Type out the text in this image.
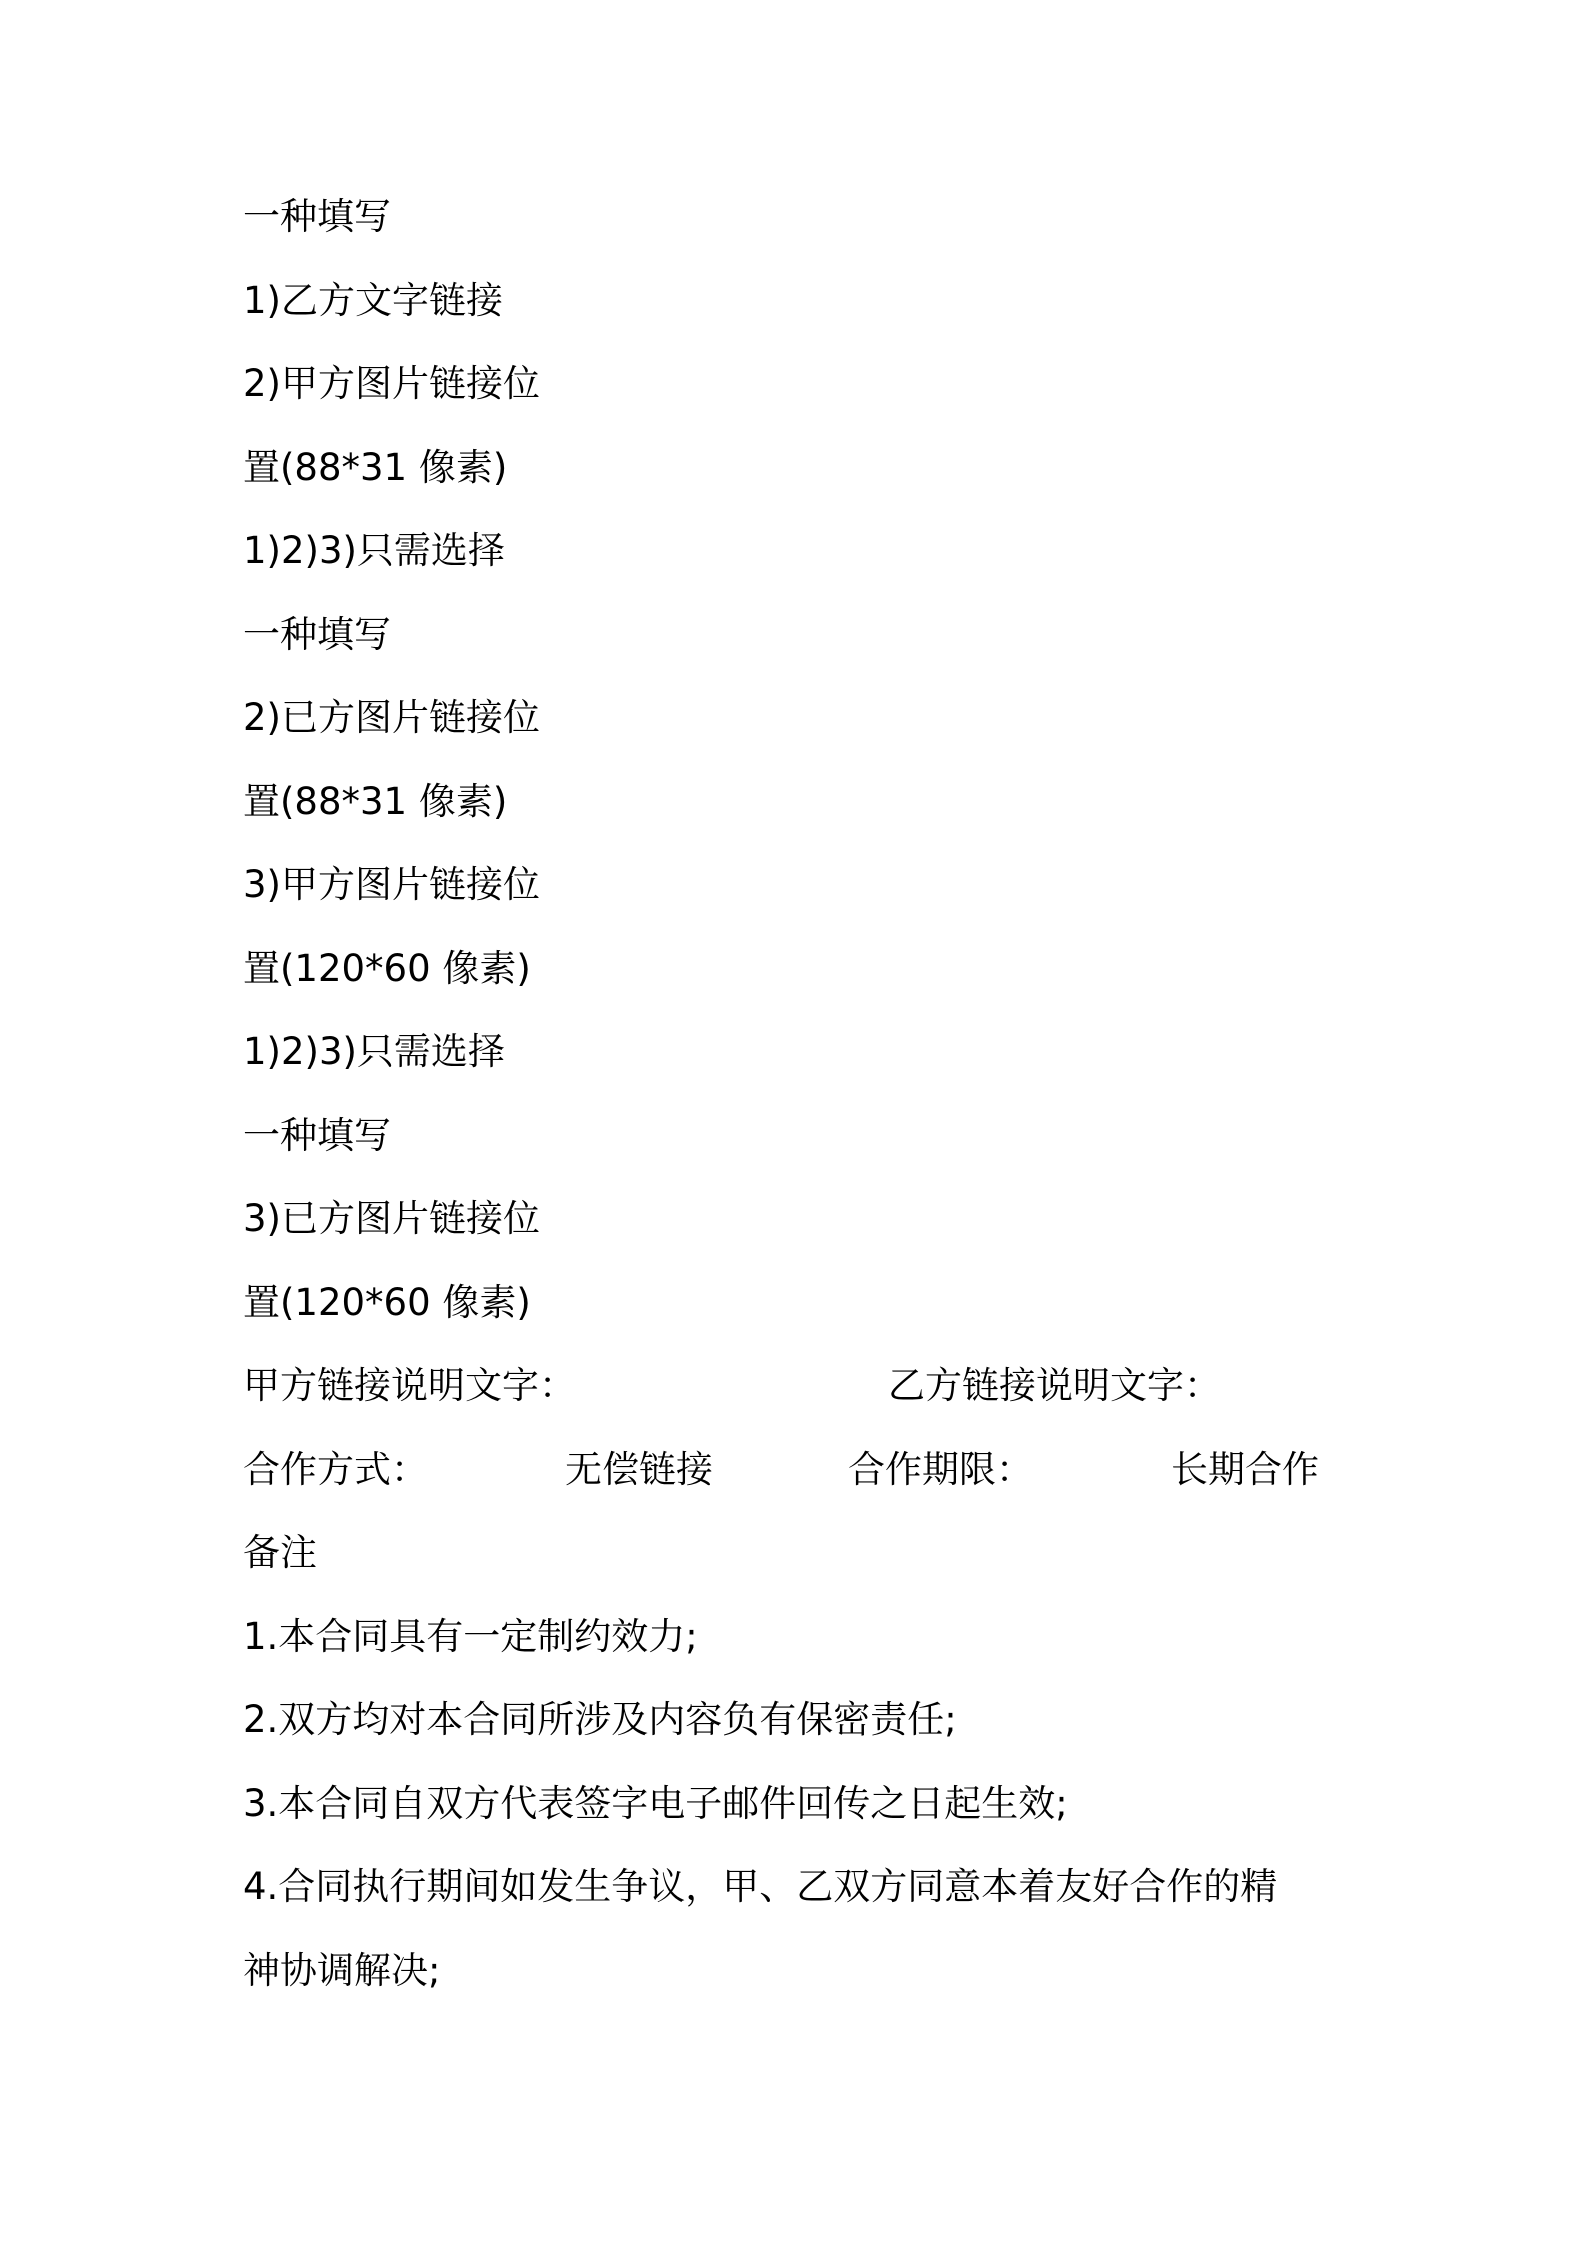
一种填写
1)乙方文字链接
2)甲方图片链接位
置(88*31 像素)
1)2)3)只需选择
一种填写
2)已方图片链接位
置(88*31 像素)
3)甲方图片链接位
置(120*60 像素)
1)2)3)只需选择
一种填写
3)已方图片链接位
置(120*60 像素)
甲方链接说明文字：	乙方链接说明文字：
合作方式：	无偿链接	合作期限：	长期合作
备注
1.本合同具有一定制约效力;
2.双方均对本合同所涉及内容负有保密责任;
3.本合同自双方代表签字电子邮件回传之日起生效;
4.合同执行期间如发生争议，甲、乙双方同意本着友好合作的精
神协调解决;
